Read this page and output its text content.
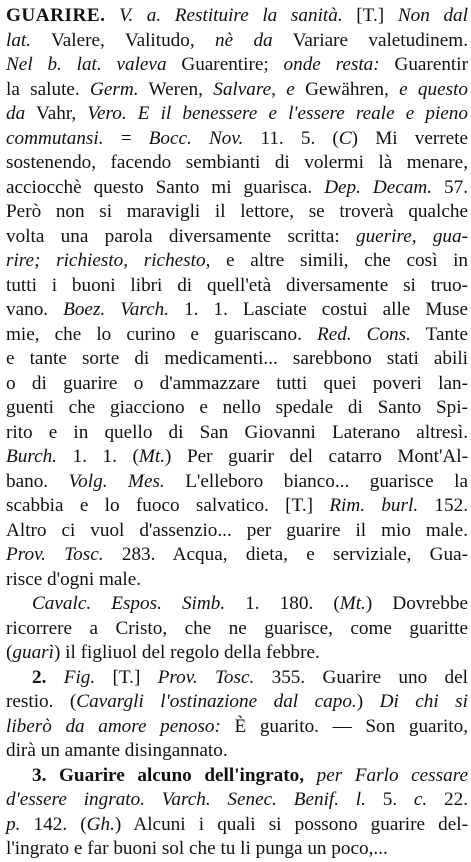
GUARIRE. V. a. Restituire la sanità. [T.] Non dal
lat. Valere, Valitudo, nè da Variare valetudinem.
Nel b. lat. valeva Guarentire; onde resta: Guarentir
la salute. Germ. Weren, Salvare, e Gewähren, e questo
da Vahr, Vero. E il benessere e l'essere reale e pieno
commutansi. = Bocc. Nov. 11. 5. (C) Mi verrete
sostenendo, facendo sembianti di volermi là menare,
acciocchè questo Santo mi guarisca. Dep. Decam. 57.
Però non si maravigli il lettore, se troverà qualche
volta una parola diversamente scritta: guerire, gua-
rire; richiesto, richesto, e altre simili, che così in
tutti i buoni libri di quell'età diversamente si truo-
vano. Boez. Varch. 1. 1. Lasciate costui alle Muse
mie, che lo curino e guariscano. Red. Cons. Tante
e tante sorte di medicamenti... sarebbono stati abili
o di guarire o d'ammazzare tutti quei poveri lan-
guenti che giacciono e nello spedale di Santo Spi-
rito e in quello di San Giovanni Laterano altresì.
Burch. 1. 1. (Mt.) Per guarir del catarro Mont'Al-
bano. Volg. Mes. L'elleboro bianco... guarisce la
scabbia e lo fuoco salvatico. [T.] Rim. burl. 152.
Altro ci vuol d'assenzio... per guarire il mio male.
Prov. Tosc. 283. Acqua, dieta, e serviziale, Gua-
risce d'ogni male.
Cavalc. Espos. Simb. 1. 180. (Mt.) Dovrebbe
ricorrere a Cristo, che ne guarisce, come guaritte
(guarì) il figliuol del regolo della febbre.
2. Fig. [T.] Prov. Tosc. 355. Guarire uno del
restio. (Cavargli l'ostinazione dal capo.) Di chi si
liberò da amore penoso: È guarito. — Son guarito,
dirà un amante disingannato.
3. Guarire alcuno dell'ingrato, per Farlo cessare
d'essere ingrato. Varch. Senec. Benif. l. 5. c. 22.
p. 142. (Gh.) Alcuni i quali si possono guarire del-
l'ingrato e far buoni sol che tu li punga un poco,...
